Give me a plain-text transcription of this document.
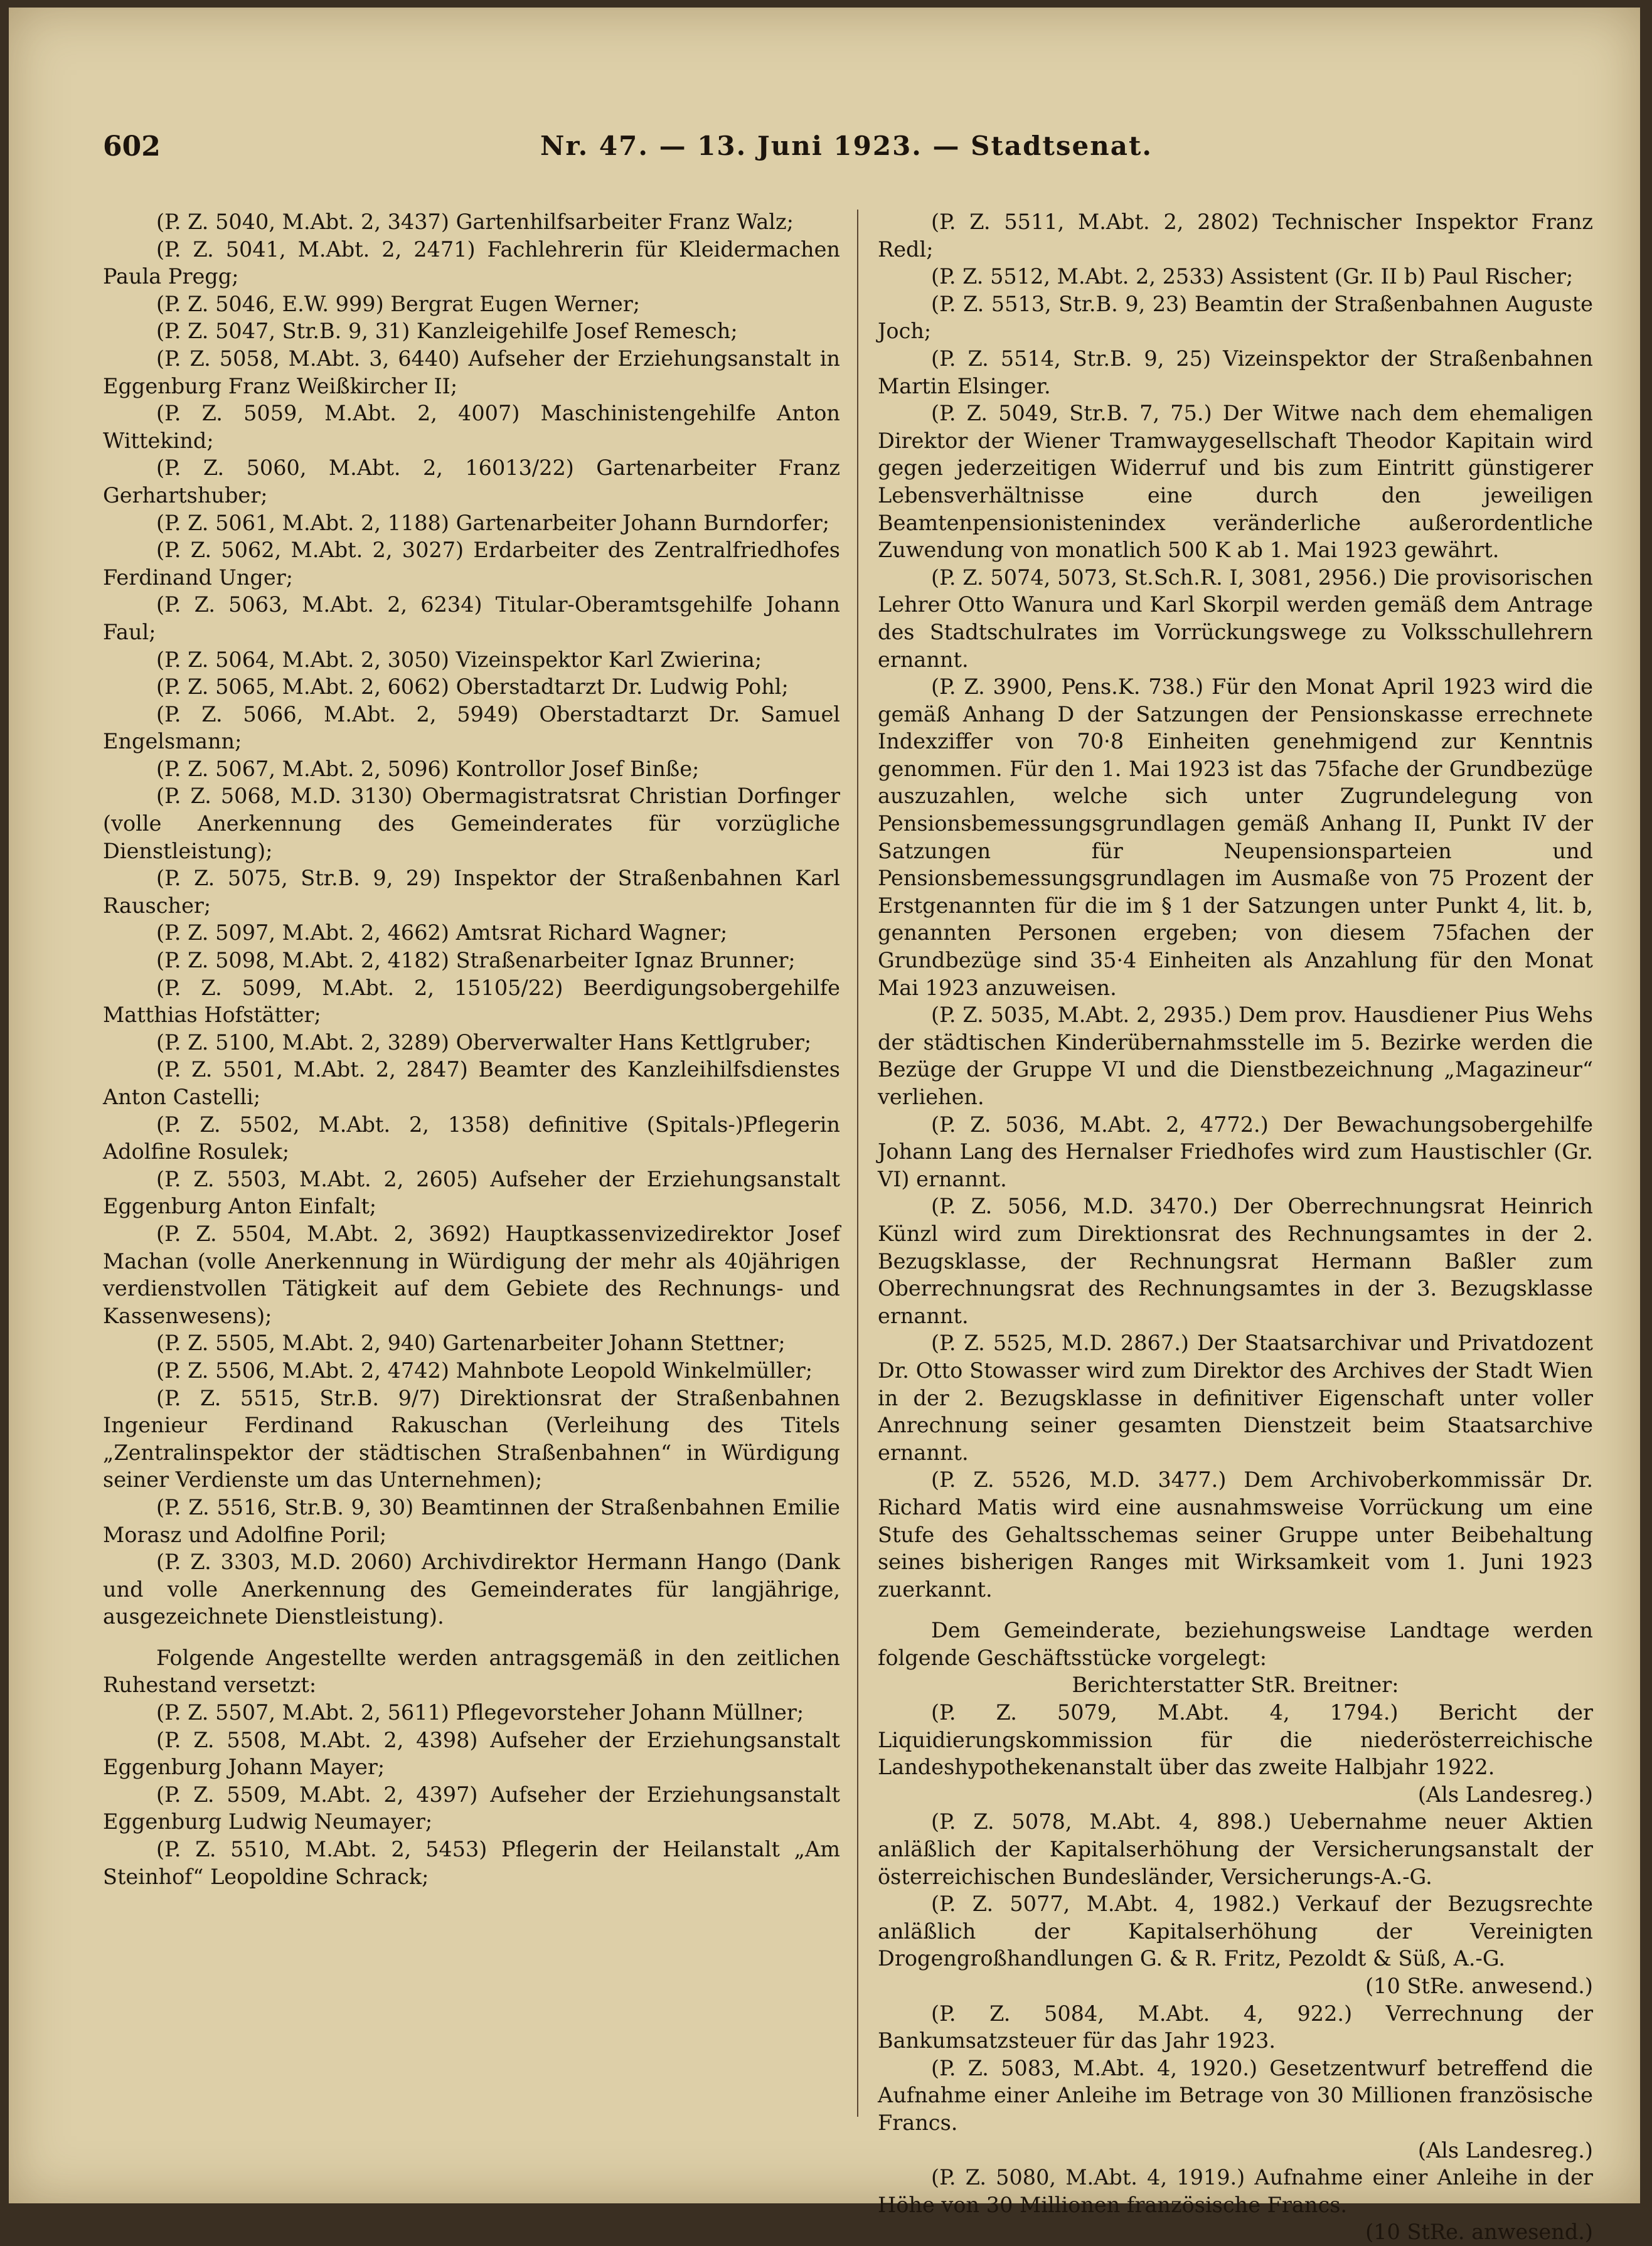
602	Nr. 47. — 13. Juni 1923. — Stadtsenat.

(P. Z. 5040, M.Abt. 2, 3437) Gartenhilfsarbeiter Franz Walz;

(P. Z. 5041, M.Abt. 2, 2471) Fachlehrerin für Kleidermachen Paula Pregg;

(P. Z. 5046, E.W. 999) Bergrat Eugen Werner;

(P. Z. 5047, Str.B. 9, 31) Kanzleigehilfe Josef Remesch;

(P. Z. 5058, M.Abt. 3, 6440) Aufseher der Erziehungsanstalt in Eggenburg Franz Weißkircher II;

(P. Z. 5059, M.Abt. 2, 4007) Maschinistengehilfe Anton Wittekind;

(P. Z. 5060, M.Abt. 2, 16013/22) Gartenarbeiter Franz Gerhartshuber;

(P. Z. 5061, M.Abt. 2, 1188) Gartenarbeiter Johann Burndorfer;

(P. Z. 5062, M.Abt. 2, 3027) Erdarbeiter des Zentralfriedhofes Ferdinand Unger;

(P. Z. 5063, M.Abt. 2, 6234) Titular-Oberamtsgehilfe Johann Faul;

(P. Z. 5064, M.Abt. 2, 3050) Vizeinspektor Karl Zwierina;

(P. Z. 5065, M.Abt. 2, 6062) Oberstadtarzt Dr. Ludwig Pohl;

(P. Z. 5066, M.Abt. 2, 5949) Oberstadtarzt Dr. Samuel Engelsmann;

(P. Z. 5067, M.Abt. 2, 5096) Kontrollor Josef Binße;

(P. Z. 5068, M.D. 3130) Obermagistratsrat Christian Dorfinger (volle Anerkennung des Gemeinderates für vorzügliche Dienstleistung);

(P. Z. 5075, Str.B. 9, 29) Inspektor der Straßenbahnen Karl Rauscher;

(P. Z. 5097, M.Abt. 2, 4662) Amtsrat Richard Wagner;

(P. Z. 5098, M.Abt. 2, 4182) Straßenarbeiter Ignaz Brunner;

(P. Z. 5099, M.Abt. 2, 15105/22) Beerdigungsobergehilfe Matthias Hofstätter;

(P. Z. 5100, M.Abt. 2, 3289) Oberverwalter Hans Kettlgruber;

(P. Z. 5501, M.Abt. 2, 2847) Beamter des Kanzleihilfsdienstes Anton Castelli;

(P. Z. 5502, M.Abt. 2, 1358) definitive (Spitals-)Pflegerin Adolfine Rosulek;

(P. Z. 5503, M.Abt. 2, 2605) Aufseher der Erziehungsanstalt Eggenburg Anton Einfalt;

(P. Z. 5504, M.Abt. 2, 3692) Hauptkassenvizedirektor Josef Machan (volle Anerkennung in Würdigung der mehr als 40jährigen verdienstvollen Tätigkeit auf dem Gebiete des Rechnungs- und Kassenwesens);

(P. Z. 5505, M.Abt. 2, 940) Gartenarbeiter Johann Stettner;

(P. Z. 5506, M.Abt. 2, 4742) Mahnbote Leopold Winkelmüller;

(P. Z. 5515, Str.B. 9/7) Direktionsrat der Straßenbahnen Ingenieur Ferdinand Rakuschan (Verleihung des Titels „Zentralinspektor der städtischen Straßenbahnen“ in Würdigung seiner Verdienste um das Unternehmen);

(P. Z. 5516, Str.B. 9, 30) Beamtinnen der Straßenbahnen Emilie Morasz und Adolfine Poril;

(P. Z. 3303, M.D. 2060) Archivdirektor Hermann Hango (Dank und volle Anerkennung des Gemeinderates für langjährige, ausgezeichnete Dienstleistung).

Folgende Angestellte werden antragsgemäß in den zeitlichen Ruhestand versetzt:

(P. Z. 5507, M.Abt. 2, 5611) Pflegevorsteher Johann Müllner;

(P. Z. 5508, M.Abt. 2, 4398) Aufseher der Erziehungsanstalt Eggenburg Johann Mayer;

(P. Z. 5509, M.Abt. 2, 4397) Aufseher der Erziehungsanstalt Eggenburg Ludwig Neumayer;

(P. Z. 5510, M.Abt. 2, 5453) Pflegerin der Heilanstalt „Am Steinhof“ Leopoldine Schrack;

(P. Z. 5511, M.Abt. 2, 2802) Technischer Inspektor Franz Redl;

(P. Z. 5512, M.Abt. 2, 2533) Assistent (Gr. II b) Paul Rischer;

(P. Z. 5513, Str.B. 9, 23) Beamtin der Straßenbahnen Auguste Joch;

(P. Z. 5514, Str.B. 9, 25) Vizeinspektor der Straßenbahnen Martin Elsinger.

(P. Z. 5049, Str.B. 7, 75.) Der Witwe nach dem ehemaligen Direktor der Wiener Tramwaygesellschaft Theodor Kapitain wird gegen jederzeitigen Widerruf und bis zum Eintritt günstigerer Lebensverhältnisse eine durch den jeweiligen Beamtenpensionistenindex veränderliche außerordentliche Zuwendung von monatlich 500 K ab 1. Mai 1923 gewährt.

(P. Z. 5074, 5073, St.Sch.R. I, 3081, 2956.) Die provisorischen Lehrer Otto Wanura und Karl Skorpil werden gemäß dem Antrage des Stadtschulrates im Vorrückungswege zu Volksschullehrern ernannt.

(P. Z. 3900, Pens.K. 738.) Für den Monat April 1923 wird die gemäß Anhang D der Satzungen der Pensionskasse errechnete Indexziffer von 70·8 Einheiten genehmigend zur Kenntnis genommen. Für den 1. Mai 1923 ist das 75fache der Grundbezüge auszuzahlen, welche sich unter Zugrundelegung von Pensionsbemessungsgrundlagen gemäß Anhang II, Punkt IV der Satzungen für Neupensionsparteien und Pensionsbemessungsgrundlagen im Ausmaße von 75 Prozent der Erstgenannten für die im § 1 der Satzungen unter Punkt 4, lit. b, genannten Personen ergeben; von diesem 75fachen der Grundbezüge sind 35·4 Einheiten als Anzahlung für den Monat Mai 1923 anzuweisen.

(P. Z. 5035, M.Abt. 2, 2935.) Dem prov. Hausdiener Pius Wehs der städtischen Kinderübernahmsstelle im 5. Bezirke werden die Bezüge der Gruppe VI und die Dienstbezeichnung „Magazineur“ verliehen.

(P. Z. 5036, M.Abt. 2, 4772.) Der Bewachungsobergehilfe Johann Lang des Hernalser Friedhofes wird zum Haustischler (Gr. VI) ernannt.

(P. Z. 5056, M.D. 3470.) Der Oberrechnungsrat Heinrich Künzl wird zum Direktionsrat des Rechnungsamtes in der 2. Bezugsklasse, der Rechnungsrat Hermann Baßler zum Oberrechnungsrat des Rechnungsamtes in der 3. Bezugsklasse ernannt.

(P. Z. 5525, M.D. 2867.) Der Staatsarchivar und Privatdozent Dr. Otto Stowasser wird zum Direktor des Archives der Stadt Wien in der 2. Bezugsklasse in definitiver Eigenschaft unter voller Anrechnung seiner gesamten Dienstzeit beim Staatsarchive ernannt.

(P. Z. 5526, M.D. 3477.) Dem Archivoberkommissär Dr. Richard Matis wird eine ausnahmsweise Vorrückung um eine Stufe des Gehaltsschemas seiner Gruppe unter Beibehaltung seines bisherigen Ranges mit Wirksamkeit vom 1. Juni 1923 zuerkannt.

Dem Gemeinderate, beziehungsweise Landtage werden folgende Geschäftsstücke vorgelegt:

Berichterstatter StR. Breitner:

(P. Z. 5079, M.Abt. 4, 1794.) Bericht der Liquidierungskommission für die niederösterreichische Landeshypothekenanstalt über das zweite Halbjahr 1922.

(Als Landesreg.)

(P. Z. 5078, M.Abt. 4, 898.) Uebernahme neuer Aktien anläßlich der Kapitalserhöhung der Versicherungsanstalt der österreichischen Bundesländer, Versicherungs-A.-G.

(P. Z. 5077, M.Abt. 4, 1982.) Verkauf der Bezugsrechte anläßlich der Kapitalserhöhung der Vereinigten Drogengroßhandlungen G. & R. Fritz, Pezoldt & Süß, A.-G.

(10 StRe. anwesend.)

(P. Z. 5084, M.Abt. 4, 922.) Verrechnung der Bankumsatzsteuer für das Jahr 1923.

(P. Z. 5083, M.Abt. 4, 1920.) Gesetzentwurf betreffend die Aufnahme einer Anleihe im Betrage von 30 Millionen französische Francs.

(Als Landesreg.)

(P. Z. 5080, M.Abt. 4, 1919.) Aufnahme einer Anleihe in der Höhe von 30 Millionen französische Francs.

(10 StRe. anwesend.)
